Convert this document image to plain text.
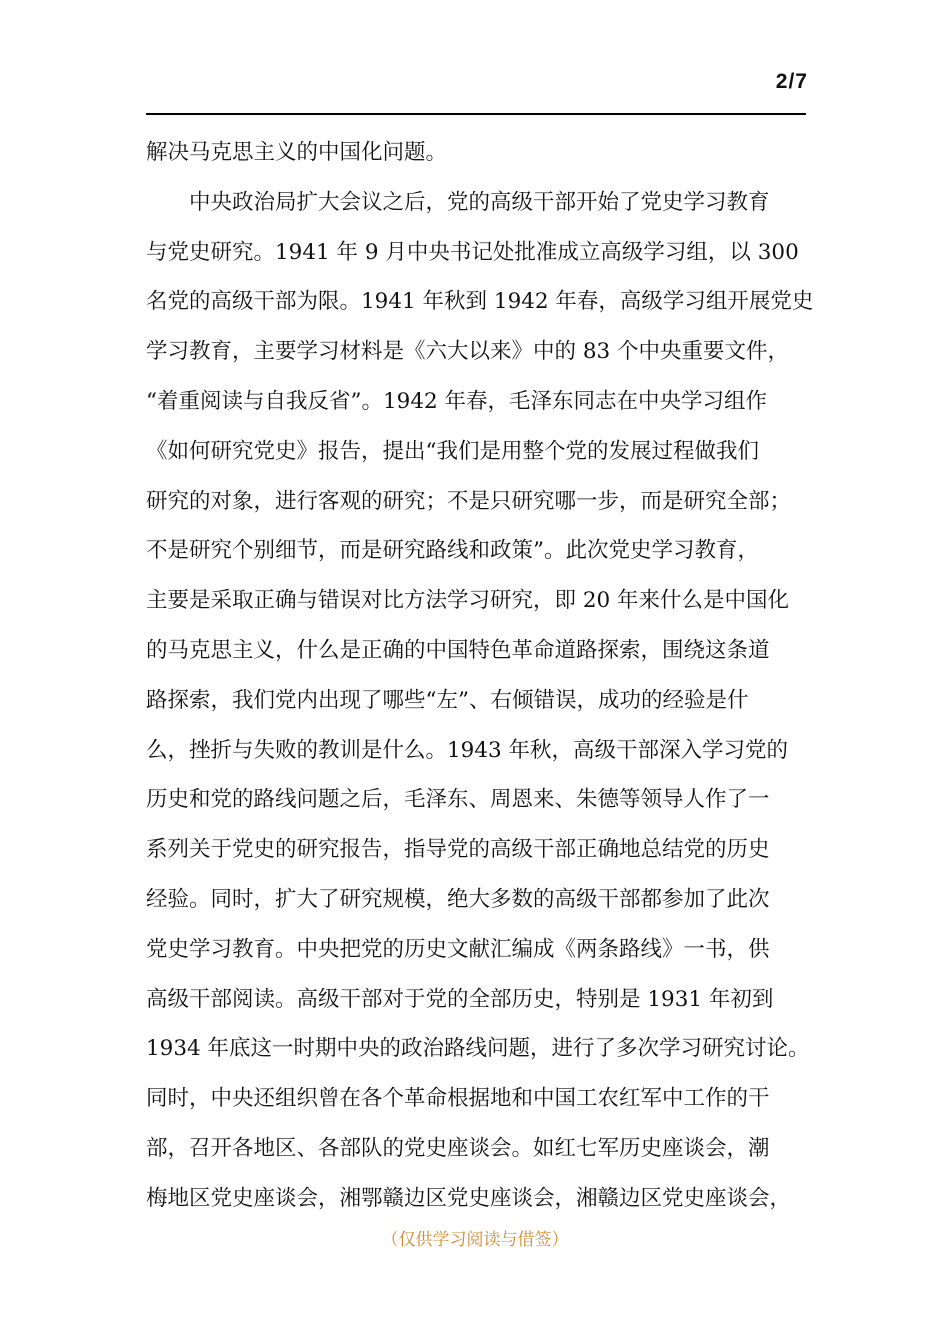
2/7
解决马克思主义的中国化问题。
　　中央政治局扩大会议之后，党的高级干部开始了党史学习教育
与党史研究。1941 年 9 月中央书记处批准成立高级学习组，以 300
名党的高级干部为限。1941 年秋到 1942 年春，高级学习组开展党史
学习教育，主要学习材料是《六大以来》中的 83 个中央重要文件，
“着重阅读与自我反省”。1942 年春，毛泽东同志在中央学习组作
《如何研究党史》报告，提出“我们是用整个党的发展过程做我们
研究的对象，进行客观的研究；不是只研究哪一步，而是研究全部；
不是研究个别细节，而是研究路线和政策”。此次党史学习教育，
主要是采取正确与错误对比方法学习研究，即 20 年来什么是中国化
的马克思主义，什么是正确的中国特色革命道路探索，围绕这条道
路探索，我们党内出现了哪些“左”、右倾错误，成功的经验是什
么，挫折与失败的教训是什么。1943 年秋，高级干部深入学习党的
历史和党的路线问题之后，毛泽东、周恩来、朱德等领导人作了一
系列关于党史的研究报告，指导党的高级干部正确地总结党的历史
经验。同时，扩大了研究规模，绝大多数的高级干部都参加了此次
党史学习教育。中央把党的历史文献汇编成《两条路线》一书，供
高级干部阅读。高级干部对于党的全部历史，特别是 1931 年初到
1934 年底这一时期中央的政治路线问题，进行了多次学习研究讨论。
同时，中央还组织曾在各个革命根据地和中国工农红军中工作的干
部，召开各地区、各部队的党史座谈会。如红七军历史座谈会，潮
梅地区党史座谈会，湘鄂赣边区党史座谈会，湘赣边区党史座谈会，
（仅供学习阅读与借签）
